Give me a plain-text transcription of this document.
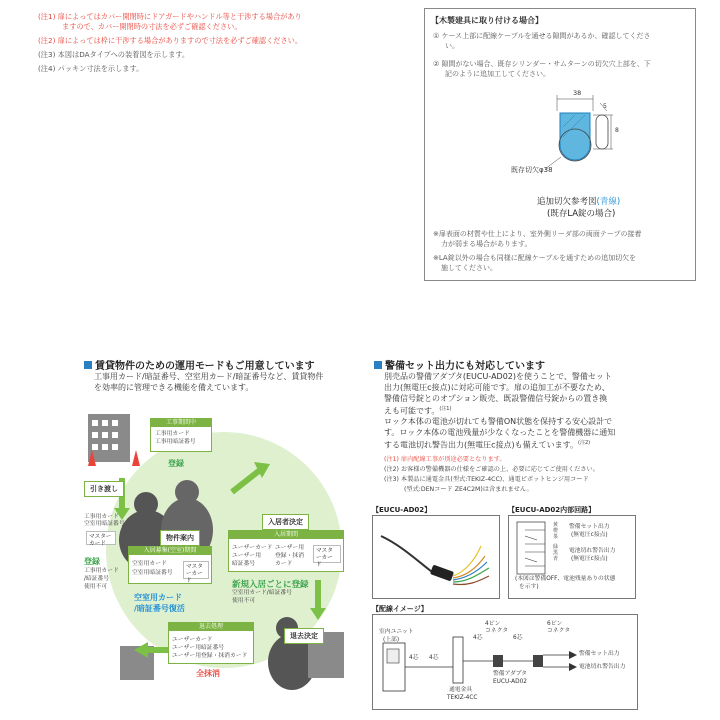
(注1) 扉によってはカバー開閉時にドアガードやハンドル等と干渉する場合があり
ますので、カバー開閉時の寸法を必ずご確認ください。
(注2) 扉によっては枠に干渉する場合がありますので寸法を必ずご確認ください。
(注3) 本図はDAタイプへの装着図を示します。
(注4) パッキン寸法を示します。
【木製建具に取り付ける場合】
① ケース上部に配線ケーブルを通せる隙間があるか、確認してくださ
い。
② 隙間がない場合、既存シリンダー・サムターンの切欠穴上部を、下
記のように追加工してください。
38
5
8
既存切欠φ38
追加切欠参考図(青線)
(既存LA錠の場合)
※扉表面の材質や仕上により、室外側リーダ部の両面テープの接着
力が弱まる場合があります。
※LA錠以外の場合も同様に配線ケーブルを通すための追加切欠を
施してください。
賃貸物件のための運用モードもご用意しています
工事用カード/暗証番号、空室用カード/暗証番号など、賃貸物件
を効率的に管理できる機能を備えています。
工事期間中
工事用カード
工事用暗証番号
登録
引き渡し
工事用カード
空室用暗証番号
マスターカード
登録
工事用カード
/暗証番号
使用不可
物件案内
入居募集(空室)期間
空室用カード
空室用暗証番号
マスターカード
空室用カード
/暗証番号復活
入居者決定
入居期間
ユーザーカード
ユーザー用
暗証番号
ユーザー用
登録・抹消
カード
マスターカード
新規入居ごとに登録
空室用カード/暗証番号
使用不可
退去決定
退去処理
ユーザーカード
ユーザー用暗証番号
ユーザー用登録・抹消カード
全抹消
警備セット出力にも対応しています
別売品の警備アダプタ(EUCU-AD02)を使うことで、警備セット
出力(無電圧c接点)に対応可能です。扉の追加工が不要なため、
警備信号錠とのオプション販売、既設警備信号錠からの置き換
えも可能です。$^{(注1)}$
ロック本体の電池が切れても警備ON状態を保持する安心設計で
す。ロック本体の電池残量が少なくなったことを警備機器に通知
する電池切れ警告出力(無電圧c接点)も備えています。$^{(注2)}$
(注1) 扉内配線工事が別途必要となります。
(注2) お客様の警備機器の仕様をご確認の上、必要に応じてご使用ください。
(注3) 本製品に通電金具(型式:TEKIZ-4CC)、通電ピボットヒンジ用コード
(型式:DENコード ZE4C2M)は含まれません。
【EUCU-AD02】	【EUCU-AD02内部回路】
黄
橙
茶
緑
黒
青
警備セット出力
(無電圧c接点)
電池切れ警告出力
(無電圧c接点)
(本図は警備OFF、電池残量ありの状態
を示す)
【配線イメージ】
室内ユニット
(上部)
4芯 4芯
4芯
4ピン
コネクタ
6芯
6ピン
コネクタ
警備セット出力
電池切れ警告出力
警備アダプタ
EUCU-AD02
通電金具
TEKIZ-4CC
